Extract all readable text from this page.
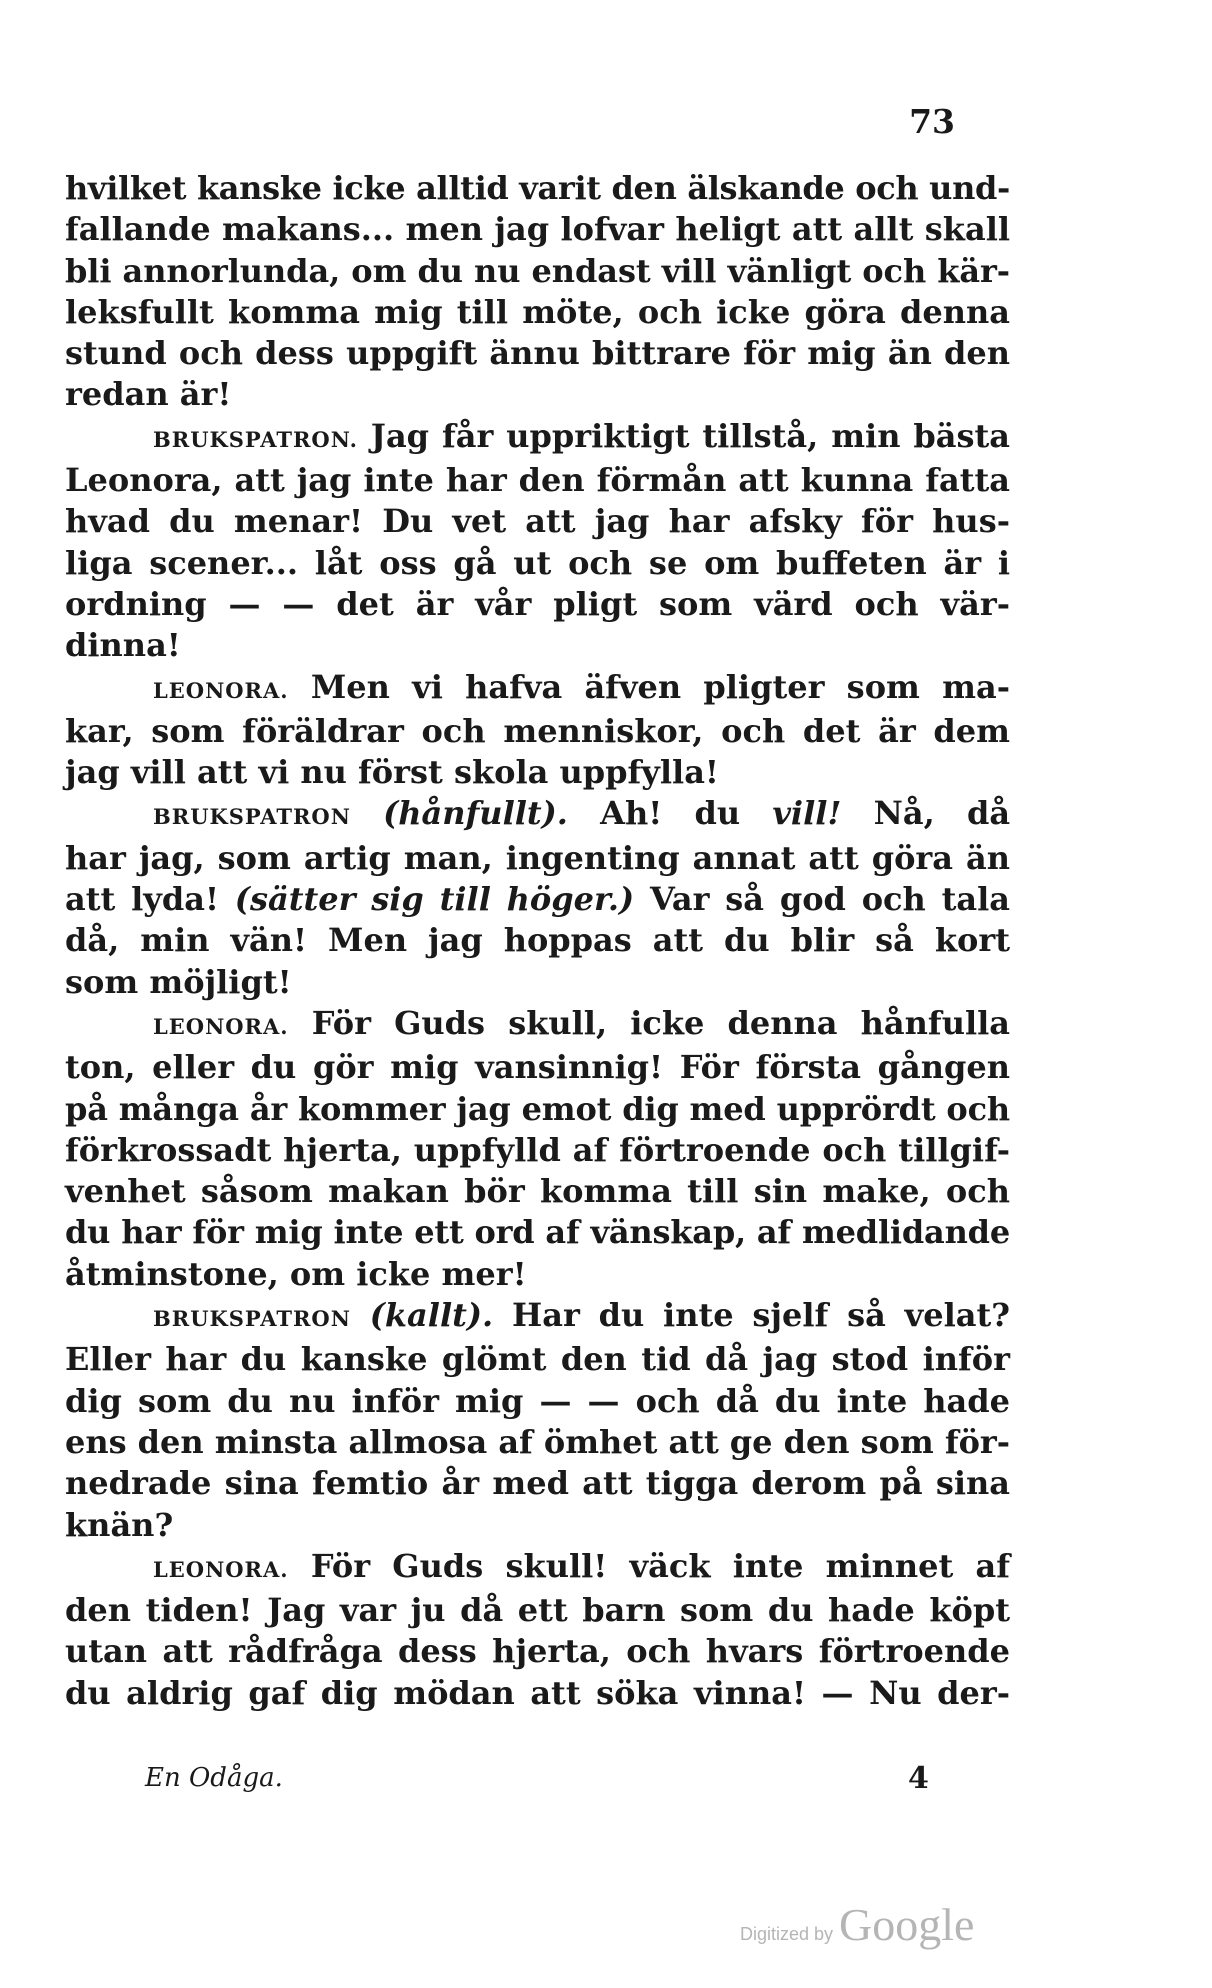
73
hvilket kanske icke alltid varit den älskande och und-
fallande makans... men jag lofvar heligt att allt skall
bli annorlunda, om du nu endast vill vänligt och kär-
leksfullt komma mig till möte, och icke göra denna
stund och dess uppgift ännu bittrare för mig än den
redan är!
BRUKSPATRON. Jag får uppriktigt tillstå, min bästa
Leonora, att jag inte har den förmån att kunna fatta
hvad du menar! Du vet att jag har afsky för hus-
liga scener... låt oss gå ut och se om buffeten är i
ordning — — det är vår pligt som värd och vär-
dinna!
LEONORA. Men vi hafva äfven pligter som ma-
kar, som föräldrar och menniskor, och det är dem
jag vill att vi nu först skola uppfylla!
BRUKSPATRON (hånfullt). Ah! du vill! Nå, då
har jag, som artig man, ingenting annat att göra än
att lyda! (sätter sig till höger.) Var så god och tala
då, min vän! Men jag hoppas att du blir så kort
som möjligt!
LEONORA. För Guds skull, icke denna hånfulla
ton, eller du gör mig vansinnig! För första gången
på många år kommer jag emot dig med upprördt och
förkrossadt hjerta, uppfylld af förtroende och tillgif-
venhet såsom makan bör komma till sin make, och
du har för mig inte ett ord af vänskap, af medlidande
åtminstone, om icke mer!
BRUKSPATRON (kallt). Har du inte sjelf så velat?
Eller har du kanske glömt den tid då jag stod inför
dig som du nu inför mig — — och då du inte hade
ens den minsta allmosa af ömhet att ge den som för-
nedrade sina femtio år med att tigga derom på sina
knän?
LEONORA. För Guds skull! väck inte minnet af
den tiden! Jag var ju då ett barn som du hade köpt
utan att rådfråga dess hjerta, och hvars förtroende
du aldrig gaf dig mödan att söka vinna! — Nu der-
En Odåga.	4
Digitized by Google
